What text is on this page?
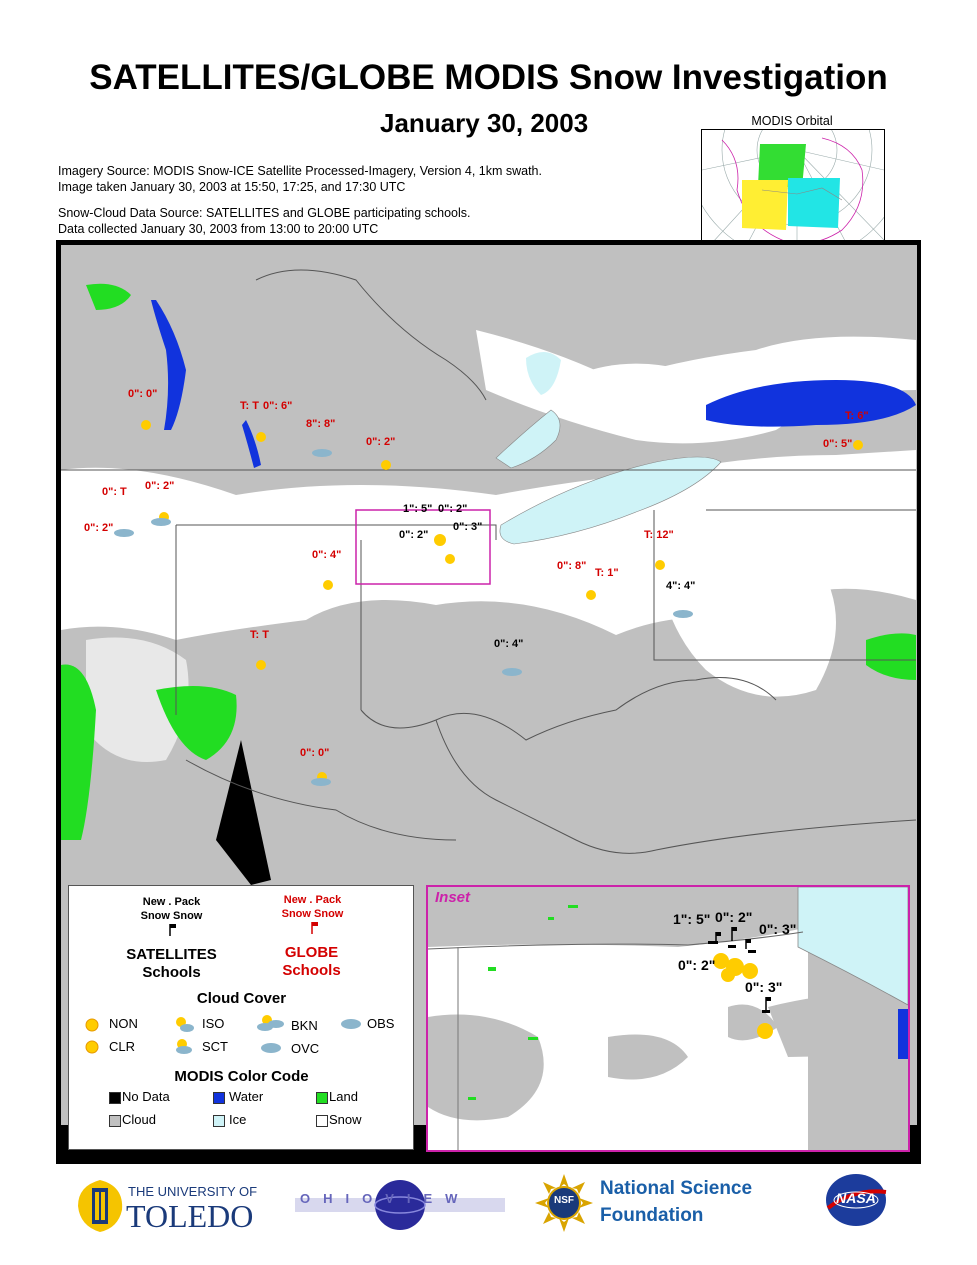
SATELLITES/GLOBE MODIS Snow Investigation
January 30, 2003
Imagery Source: MODIS Snow-ICE Satellite Processed-Imagery, Version 4, 1km swath.
Image taken January 30, 2003 at 15:50, 17:25, and 17:30 UTC
Snow-Cloud Data Source: SATELLITES and GLOBE participating schools.
Data collected January 30, 2003 from 13:00 to 20:00 UTC
MODIS Orbital
0": 0"
T: T 0": 6"
8": 8"
0": 2"
0": T 0": 2"
0": 2"
1": 5" 0": 2"
0": 3"
0": 2"
0": 4"
T: 12"
0": 8"
T: 1"
4": 4"
T: T
0": 4"
0": 0"
T: 6"
0": 5"
New . Pack
Snow Snow
New . Pack
Snow Snow
SATELLITES
Schools
GLOBE
Schools
Cloud Cover
NON	ISO	BKN	OBS
CLR	SCT	OVC
MODIS Color Code
No Data	Water	Land
Cloud	Ice	Snow
Inset
1": 5" 0": 2"
0": 3"
0": 2"
0": 3"
THE UNIVERSITY OF
TOLEDO	OHIOVIEW	NSF
National Science
Foundation
NASA
